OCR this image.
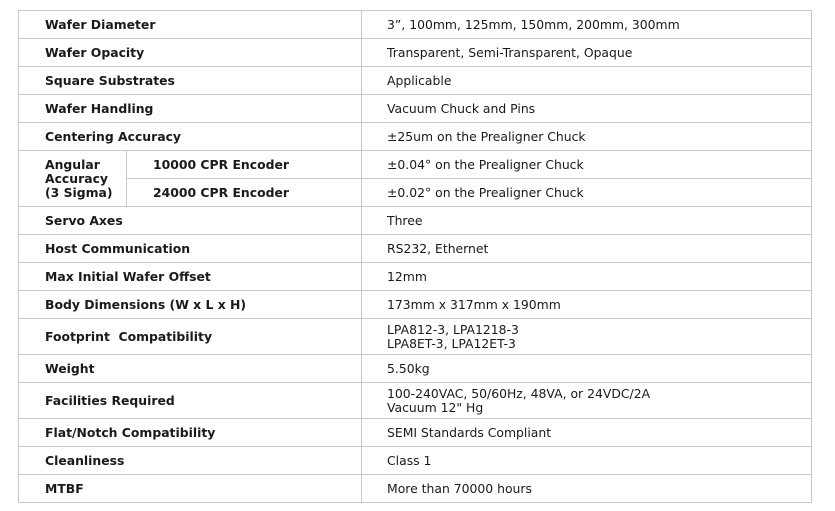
Wafer Diameter		3”, 100mm, 125mm, 150mm, 200mm, 300mm
Wafer Opacity		Transparent, Semi-Transparent, Opaque
Square Substrates		Applicable
Wafer Handling		Vacuum Chuck and Pins
Centering Accuracy		±25um on the Prealigner Chuck

Angular
Accuracy
(3 Sigma)	10000 CPR Encoder	±0.04° on the Prealigner Chuck
	24000 CPR Encoder	±0.02° on the Prealigner Chuck
Servo Axes		Three
Host Communication		RS232, Ethernet
Max Initial Wafer Offset		12mm
Body Dimensions (W x L x H)		173mm x 317mm x 190mm
Footprint  Compatibility		LPA812-3, LPA1218-3
LPA8ET-3, LPA12ET-3

Weight		5.50kg
Facilities Required		100-240VAC, 50/60Hz, 48VA, or 24VDC/2A
Vacuum 12" Hg

Flat/Notch Compatibility		SEMI Standards Compliant
Cleanliness		Class 1
MTBF		More than 70000 hours
